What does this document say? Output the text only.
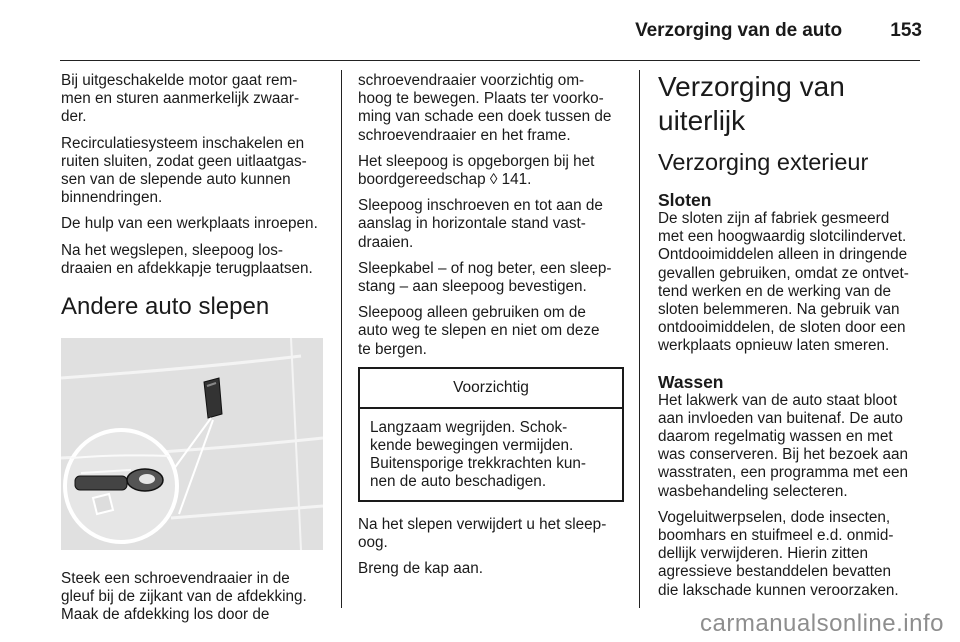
Verzorging van de auto	153

Bij uitgeschakelde motor gaat rem-
men en sturen aanmerkelijk zwaar-
der.

Recirculatiesysteem inschakelen en
ruiten sluiten, zodat geen uitlaatgas-
sen van de slepende auto kunnen
binnendringen.

De hulp van een werkplaats inroepen.

Na het wegslepen, sleepoog los-
draaien en afdekkapje terugplaatsen.

Andere auto slepen

Steek een schroevendraaier in de
gleuf bij de zijkant van de afdekking.
Maak de afdekking los door de

schroevendraaier voorzichtig om-
hoog te bewegen. Plaats ter voorko-
ming van schade een doek tussen de
schroevendraaier en het frame.

Het sleepoog is opgeborgen bij het
boordgereedschap ◊ 141.

Sleepoog inschroeven en tot aan de
aanslag in horizontale stand vast-
draaien.

Sleepkabel – of nog beter, een sleep-
stang – aan sleepoog bevestigen.

Sleepoog alleen gebruiken om de
auto weg te slepen en niet om deze
te bergen.

Voorzichtig

Langzaam wegrijden. Schok-
kende bewegingen vermijden.
Buitensporige trekkrachten kun-
nen de auto beschadigen.

Na het slepen verwijdert u het sleep-
oog.

Breng de kap aan.

Verzorging van uiterlijk
Verzorging exterieur
Sloten

De sloten zijn af fabriek gesmeerd
met een hoogwaardig slotcilindervet.
Ontdooimiddelen alleen in dringende
gevallen gebruiken, omdat ze ontvet-
tend werken en de werking van de
sloten belemmeren. Na gebruik van
ontdooimiddelen, de sloten door een
werkplaats opnieuw laten smeren.

Wassen

Het lakwerk van de auto staat bloot
aan invloeden van buitenaf. De auto
daarom regelmatig wassen en met
was conserveren. Bij het bezoek aan
wasstraten, een programma met een
wasbehandeling selecteren.

Vogeluitwerpselen, dode insecten,
boomhars en stuifmeel e.d. onmid-
dellijk verwijderen. Hierin zitten
agressieve bestanddelen bevatten
die lakschade kunnen veroorzaken.

carmanualsonline.info
